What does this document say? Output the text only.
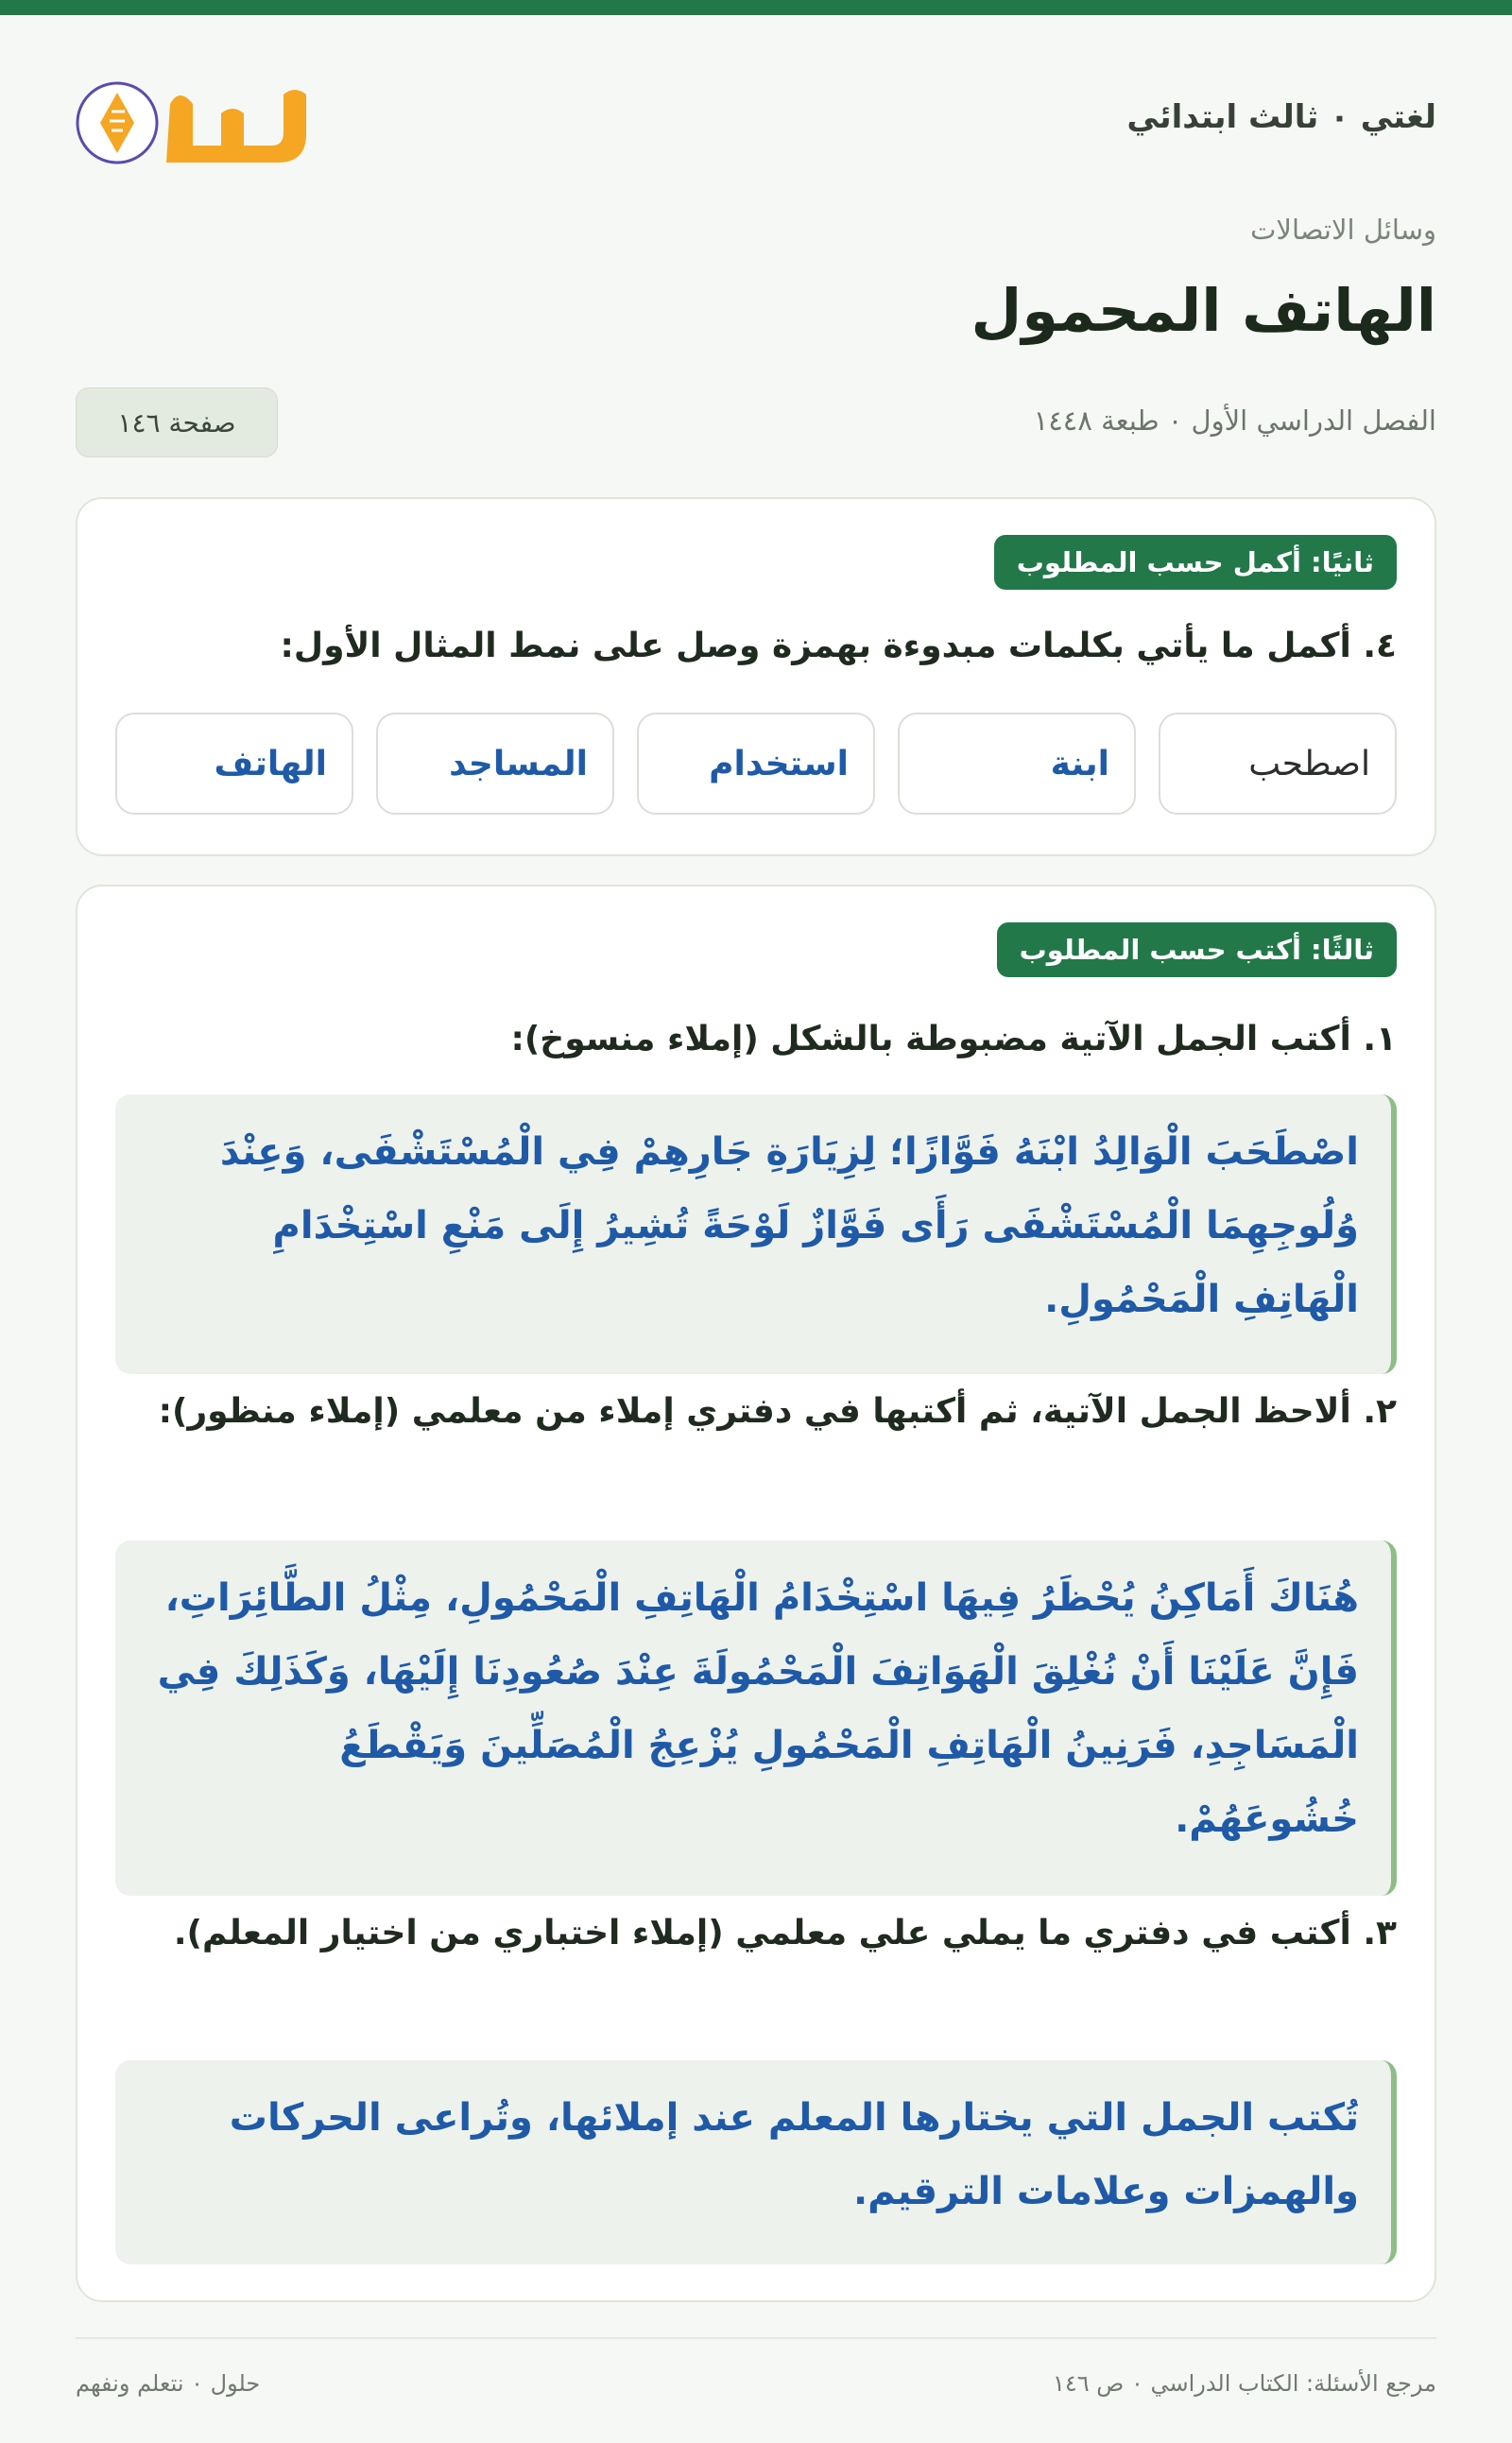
لغتي ٠ ثالث ابتدائي
وسائل الاتصالات
الهاتف المحمول
الفصل الدراسي الأول ٠ طبعة ١٤٤٨
صفحة ١٤٦
ثانيًا: أكمل حسب المطلوب
٤. أكمل ما يأتي بكلمات مبدوءة بهمزة وصل على نمط المثال الأول:
اصطحب
ابنة
استخدام
المساجد
الهاتف
ثالثًا: أكتب حسب المطلوب
١. أكتب الجمل الآتية مضبوطة بالشكل (إملاء منسوخ):
اصْطَحَبَ الْوَالِدُ ابْنَهُ فَوَّازًا؛ لِزِيَارَةِ جَارِهِمْ فِي الْمُسْتَشْفَى، وَعِنْدَ وُلُوجِهِمَا الْمُسْتَشْفَى رَأَى فَوَّازٌ لَوْحَةً تُشِيرُ إِلَى مَنْعِ اسْتِخْدَامِ الْهَاتِفِ الْمَحْمُولِ.
٢. ألاحظ الجمل الآتية، ثم أكتبها في دفتري إملاء من معلمي (إملاء منظور):
هُنَاكَ أَمَاكِنُ يُحْظَرُ فِيهَا اسْتِخْدَامُ الْهَاتِفِ الْمَحْمُولِ، مِثْلُ الطَّائِرَاتِ، فَإِنَّ عَلَيْنَا أَنْ نُغْلِقَ الْهَوَاتِفَ الْمَحْمُولَةَ عِنْدَ صُعُودِنَا إِلَيْهَا، وَكَذَلِكَ فِي الْمَسَاجِدِ، فَرَنِينُ الْهَاتِفِ الْمَحْمُولِ يُزْعِجُ الْمُصَلِّينَ وَيَقْطَعُ خُشُوعَهُمْ.
٣. أكتب في دفتري ما يملي علي معلمي (إملاء اختباري من اختيار المعلم).
تُكتب الجمل التي يختارها المعلم عند إملائها، وتُراعى الحركات والهمزات وعلامات الترقيم.
مرجع الأسئلة: الكتاب الدراسي ٠ ص ١٤٦
حلول ٠ نتعلم ونفهم
